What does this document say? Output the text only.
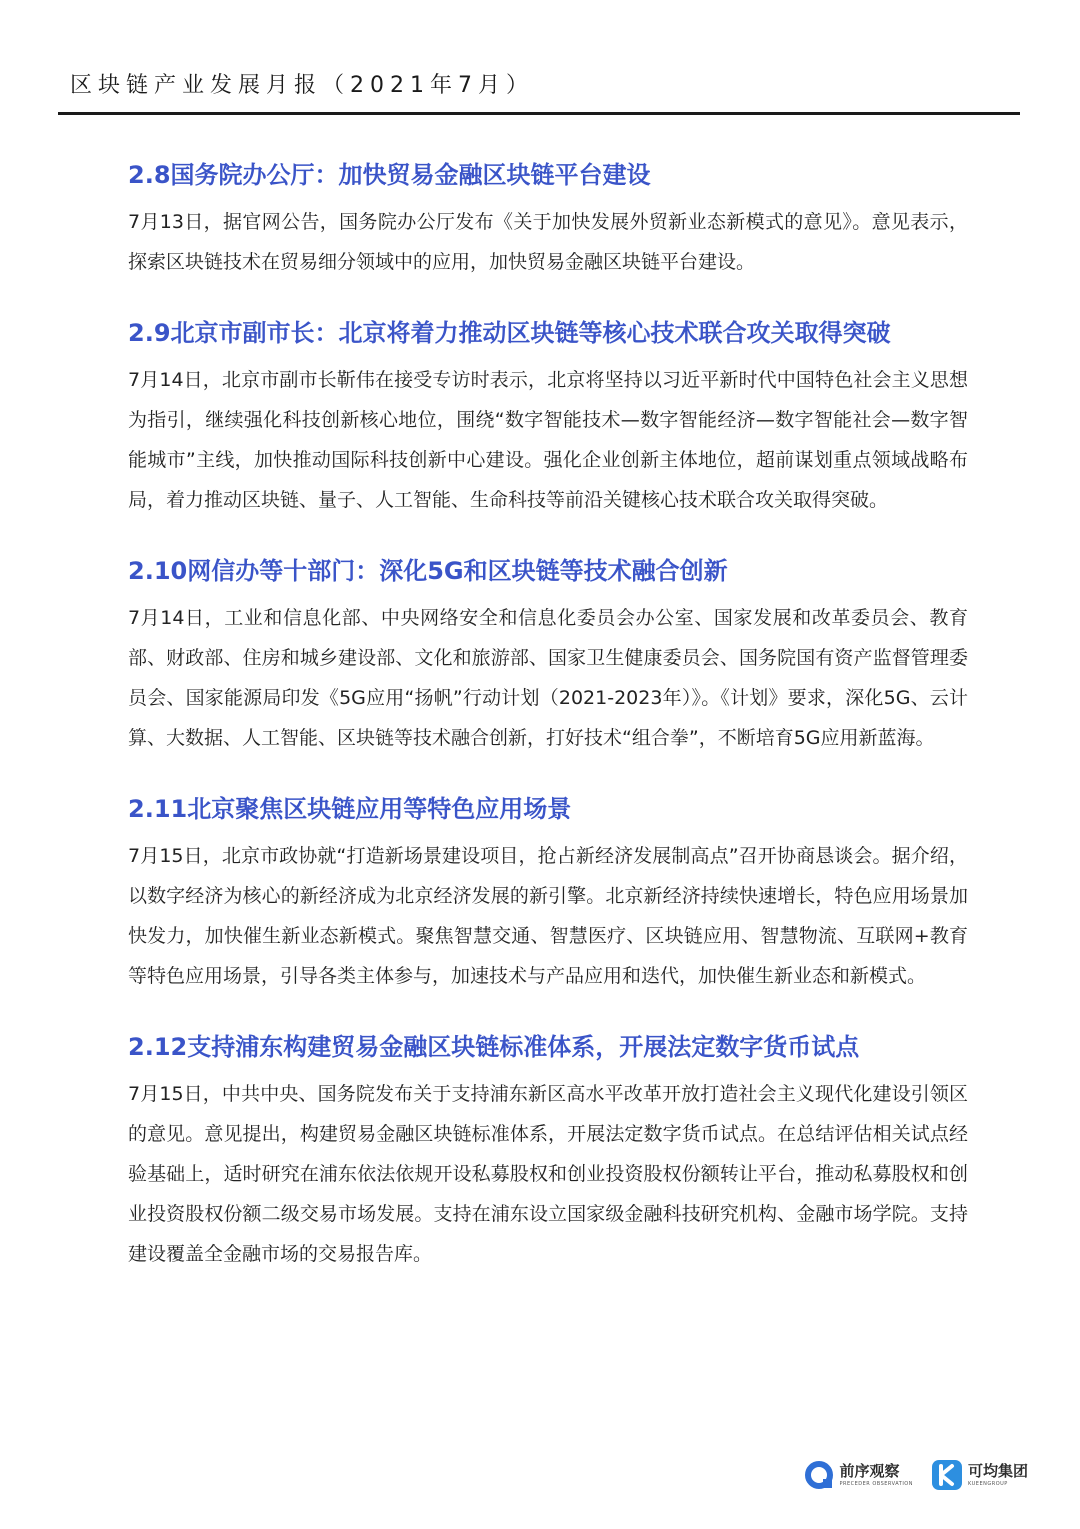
区块链产业发展月报（2021年7月）
2.8国务院办公厅：加快贸易金融区块链平台建设
7月13日，据官网公告，国务院办公厅发布《关于加快发展外贸新业态新模式的意见》。意见表示，探索区块链技术在贸易细分领域中的应用，加快贸易金融区块链平台建设。
2.9北京市副市长：北京将着力推动区块链等核心技术联合攻关取得突破
7月14日，北京市副市长靳伟在接受专访时表示，北京将坚持以习近平新时代中国特色社会主义思想为指引，继续强化科技创新核心地位，围绕“数字智能技术—数字智能经济—数字智能社会—数字智能城市”主线，加快推动国际科技创新中心建设。强化企业创新主体地位，超前谋划重点领域战略布局，着力推动区块链、量子、人工智能、生命科技等前沿关键核心技术联合攻关取得突破。
2.10网信办等十部门：深化5G和区块链等技术融合创新
7月14日，工业和信息化部、中央网络安全和信息化委员会办公室、国家发展和改革委员会、教育部、财政部、住房和城乡建设部、文化和旅游部、国家卫生健康委员会、国务院国有资产监督管理委员会、国家能源局印发《5G应用“扬帆”行动计划（2021-2023年）》。《计划》要求，深化5G、云计算、大数据、人工智能、区块链等技术融合创新，打好技术“组合拳”，不断培育5G应用新蓝海。
2.11北京聚焦区块链应用等特色应用场景
7月15日，北京市政协就“打造新场景建设项目，抢占新经济发展制高点”召开协商恳谈会。据介绍，以数字经济为核心的新经济成为北京经济发展的新引擎。北京新经济持续快速增长，特色应用场景加快发力，加快催生新业态新模式。聚焦智慧交通、智慧医疗、区块链应用、智慧物流、互联网+教育等特色应用场景，引导各类主体参与，加速技术与产品应用和迭代，加快催生新业态和新模式。
2.12支持浦东构建贸易金融区块链标准体系，开展法定数字货币试点
7月15日，中共中央、国务院发布关于支持浦东新区高水平改革开放打造社会主义现代化建设引领区的意见。意见提出，构建贸易金融区块链标准体系，开展法定数字货币试点。在总结评估相关试点经验基础上，适时研究在浦东依法依规开设私募股权和创业投资股权份额转让平台，推动私募股权和创业投资股权份额二级交易市场发展。支持在浦东设立国家级金融科技研究机构、金融市场学院。支持建设覆盖全金融市场的交易报告库。
前序观察
PRECEDER OBSERVATION
可均集团
KUEENGROUP
